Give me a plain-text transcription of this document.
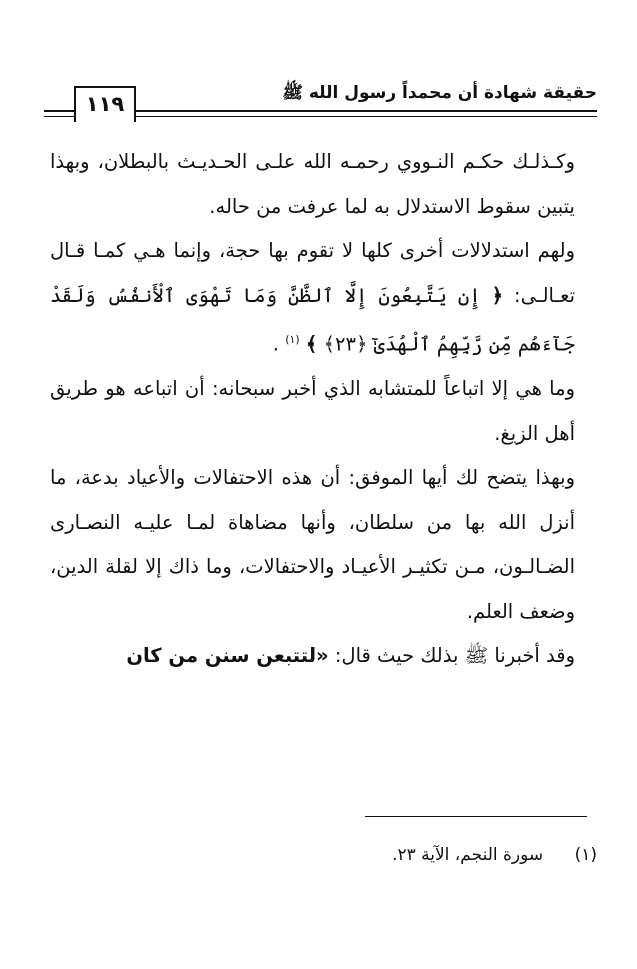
حقيقة شهادة أن محمداً رسول الله ﷺ
١١٩

وكـذلـك حكـم النـووي رحمـه الله علـى الحـديـث بالبطلان، وبهذا يتبين سقوط الاستدلال به لما عرفت من حاله.

ولهم استدلالات أخرى كلها لا تقوم بها حجة، وإنما هـي كمـا قـال تعـالـى: ﴿ إِن يَتَّبِعُونَ إِلَّا ٱلظَّنَّ وَمَا تَهْوَى ٱلْأَنفُسُ وَلَقَدْ جَآءَهُم مِّن رَّبِّهِمُ ٱلْهُدَىٰٓ ﴿٢٣﴾ ﴾ $^{(١)}$ .

وما هي إلا اتباعاً للمتشابه الذي أخبر سبحانه: أن اتباعه هو طريق أهل الزيغ.

وبهذا يتضح لك أيها الموفق: أن هذه الاحتفالات والأعياد بدعة، ما أنزل الله بها من سلطان، وأنها مضاهاة لمـا عليـه النصـارى الضـالـون، مـن تكثيـر الأعيـاد والاحتفالات، وما ذاك إلا لقلة الدين، وضعف العلم.

وقد أخبرنا ﷺ بذلك حيث قال: «لتتبعن سنن من كان

(١) سورة النجم، الآية ٢٣.
